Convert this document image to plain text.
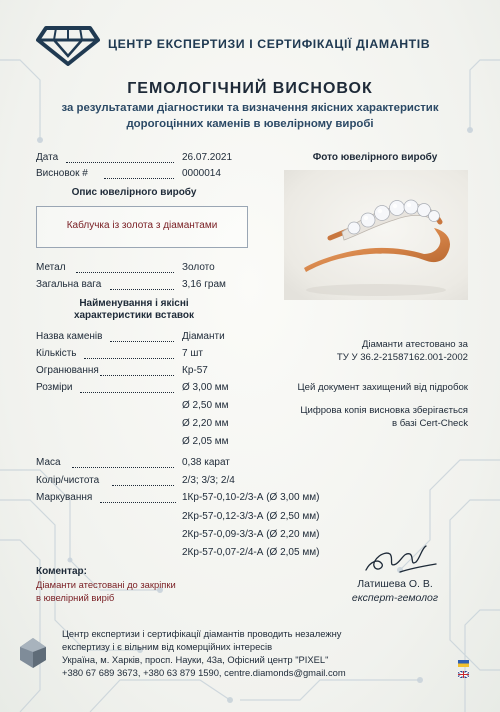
ЦЕНТР ЕКСПЕРТИЗИ І СЕРТИФІКАЦІЇ ДІАМАНТІВ
ГЕМОЛОГІЧНИЙ ВИСНОВОК
за результатами діагностики та визначення якісних характеристик
дорогоцінних каменів в ювелірному виробі
Дата	26.07.2021
Висновок #	0000014
Опис ювелірного виробу
Каблучка із золота з діамантами
Метал	Золото
Загальна вага	3,16 грам
Найменування і якісні
характеристики вставок
Назва каменів	Діаманти
Кількість	7 шт
Огранювання	Кр-57
Розміри	Ø 3,00 мм
Ø 2,50 мм
Ø 2,20 мм
Ø 2,05 мм
Маса	0,38 карат
Колір/чистота	2/3; 3/3; 2/4
Маркування	1Кр-57-0,10-2/3-А (Ø 3,00 мм)
2Кр-57-0,12-3/3-А (Ø 2,50 мм)
2Кр-57-0,09-3/3-А (Ø 2,20 мм)
2Кр-57-0,07-2/4-А (Ø 2,05 мм)
Фото ювелірного виробу
Діаманти атестовано за
ТУ У 36.2-21587162.001-2002
Цей документ захищений від підробок
Цифрова копія висновка зберігається
в базі Cert-Check
Коментар:
Діаманти атестовані до закріпки
в ювелірний виріб
Латишева О. В.
експерт-гемолог
Центр експертизи і сертифікації діамантів проводить незалежну
експертизу і є вільним від комерційних інтересів
Україна, м. Харків, просп. Науки, 43а, Офісний центр "PIXEL"
+380 67 689 3673, +380 63 879 1590, centre.diamonds@gmail.com
